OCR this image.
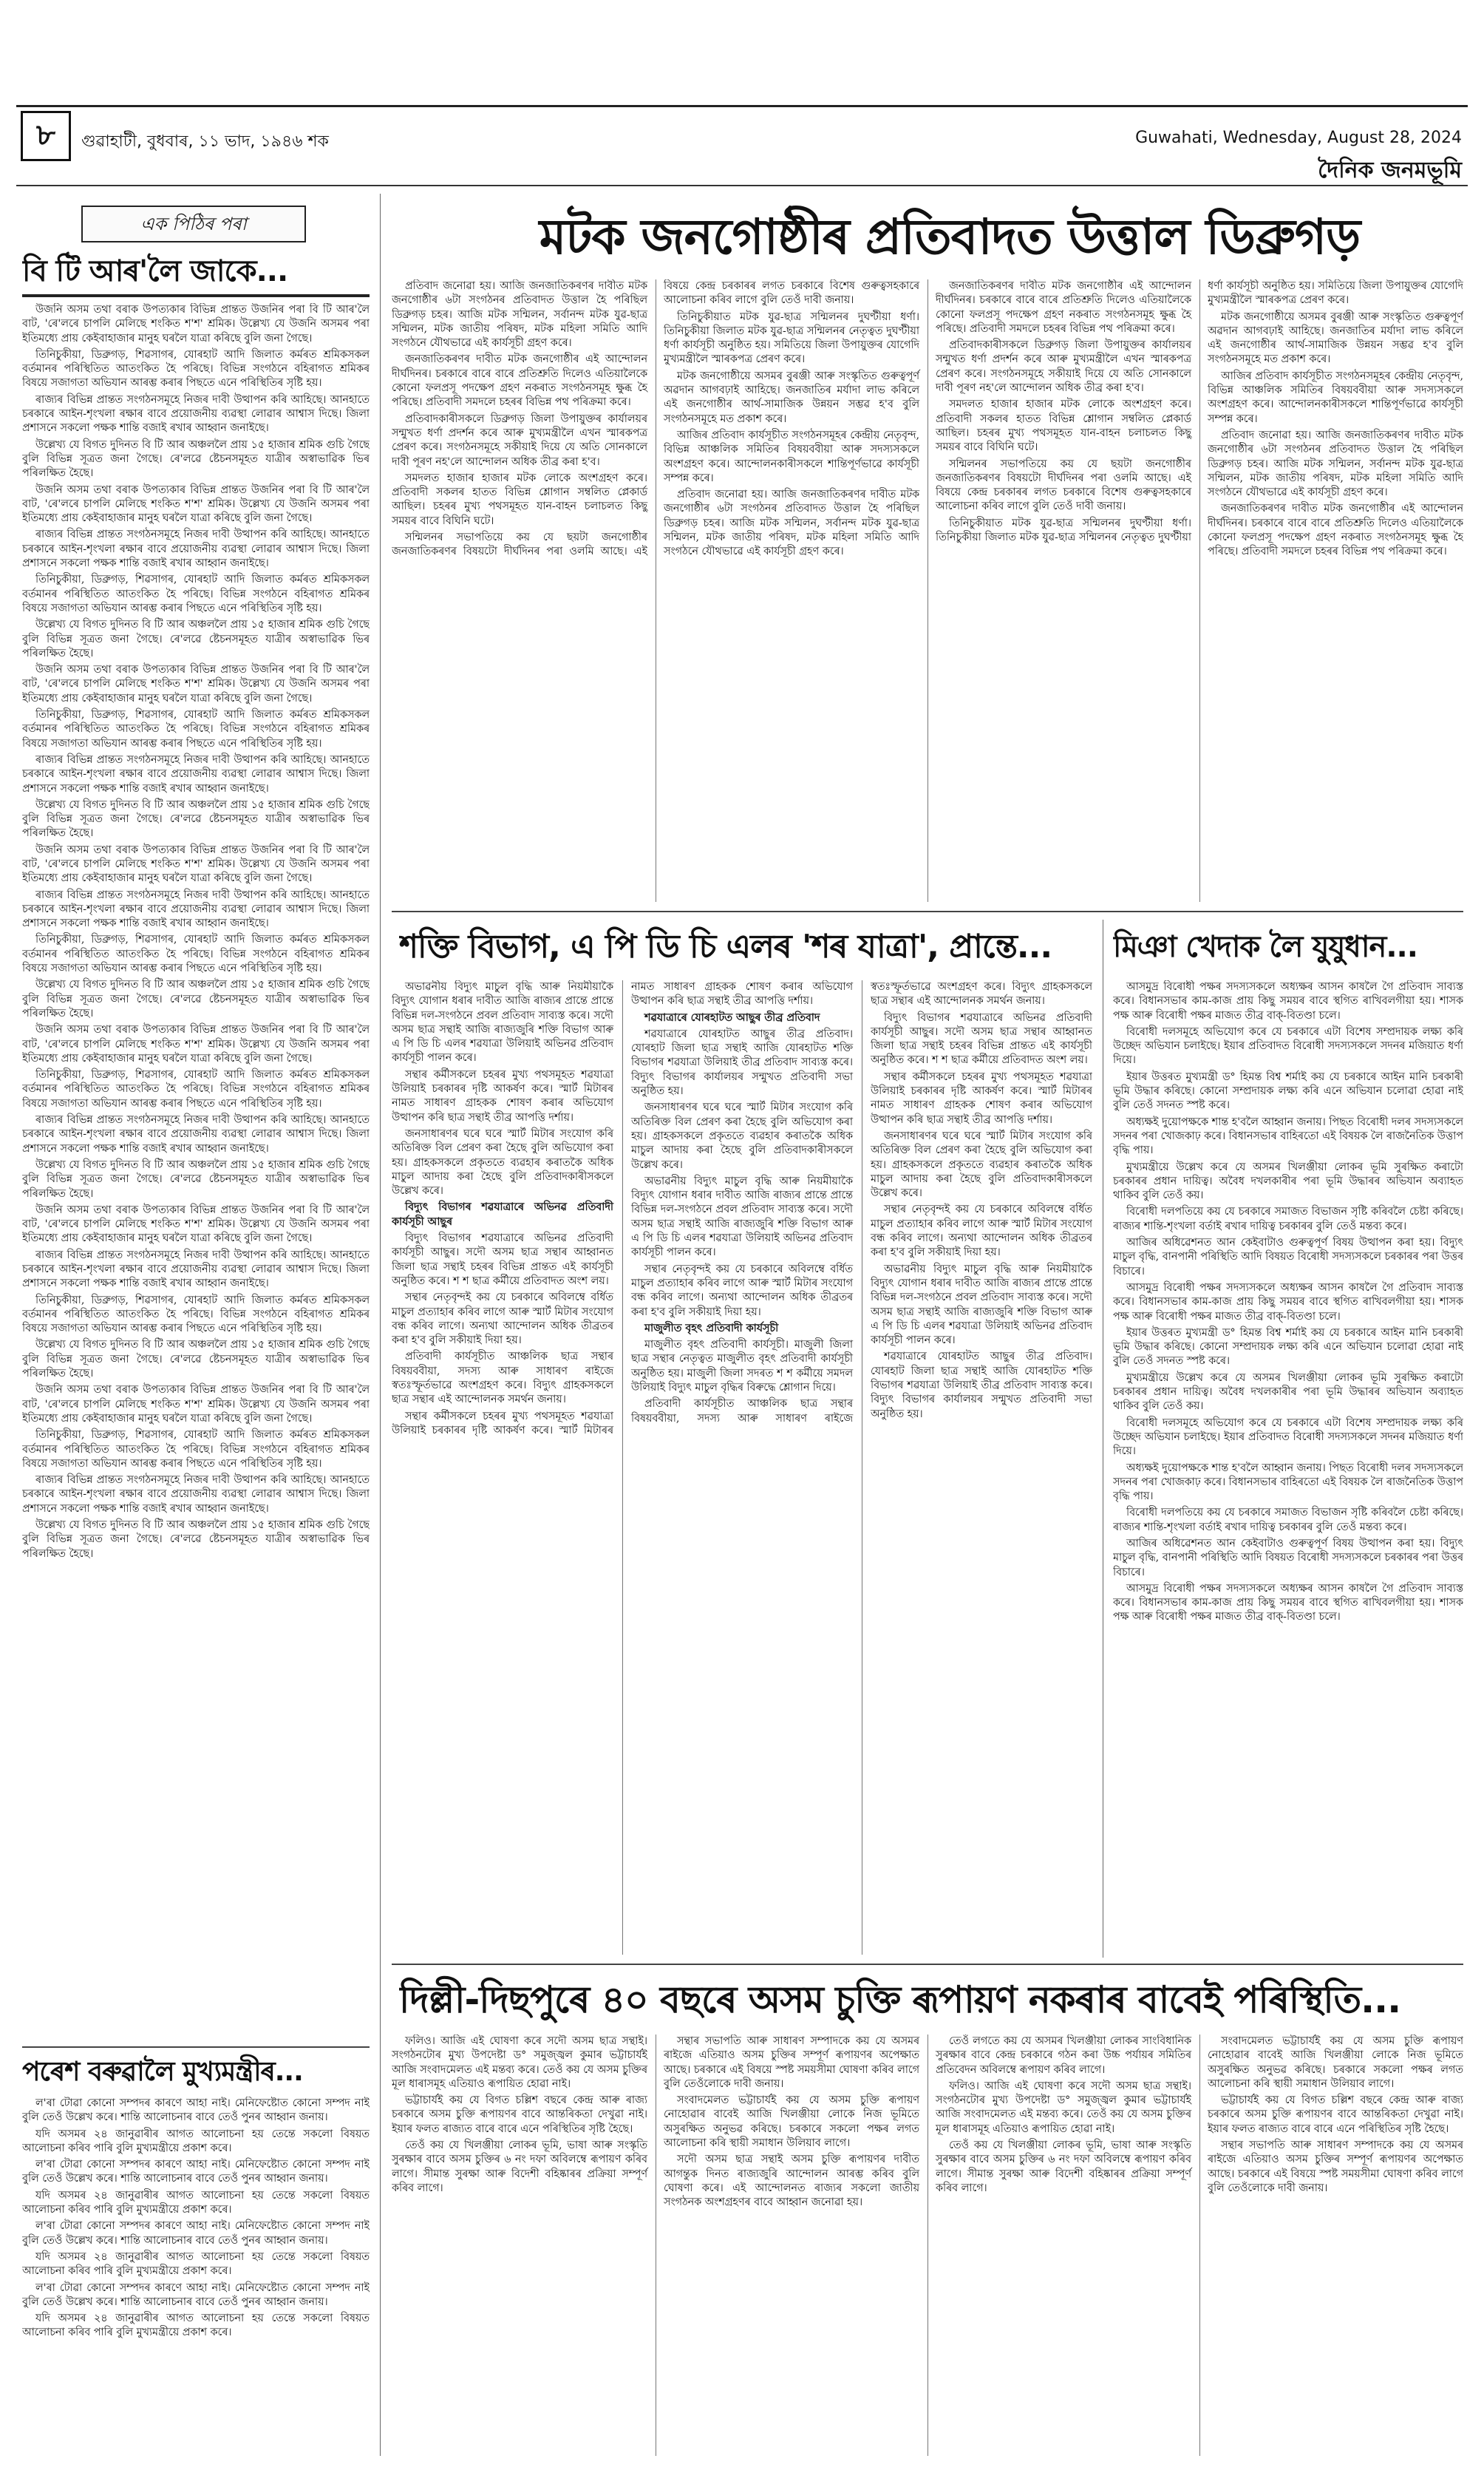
৮	গুৱাহাটী, বুধবাৰ, ১১ ভাদ, ১৯৪৬ শক	Guwahati, Wednesday, August 28, 2024
দৈনিক জনমভূমি
এক পিঠিৰ পৰা
বি টি আৰ'লৈ জাকে...

উজনি অসম তথা বৰাক উপত্যকাৰ বিভিন্ন প্ৰান্তত উজনিৰ পৰা বি টি আৰ'লৈ বাট, 'ৰে'লৰে চাপলি মেলিছে শংকিত শ'শ' শ্ৰমিক। উল্লেখ্য যে উজনি অসমৰ পৰা ইতিমধ্যে প্ৰায় কেইবাহাজাৰ মানুহ ঘৰলৈ যাত্ৰা কৰিছে বুলি জনা গৈছে।

তিনিচুকীয়া, ডিব্ৰুগড়, শিৱসাগৰ, যোৰহাট আদি জিলাত কৰ্মৰত শ্ৰমিকসকল বৰ্তমানৰ পৰিস্থিতিত আতংকিত হৈ পৰিছে। বিভিন্ন সংগঠনে বহিৰাগত শ্ৰমিকৰ বিষয়ে সজাগতা অভিযান আৰম্ভ কৰাৰ পিছতে এনে পৰিস্থিতিৰ সৃষ্টি হয়।

ৰাজ্যৰ বিভিন্ন প্ৰান্তত সংগঠনসমূহে নিজৰ দাবী উত্থাপন কৰি আহিছে। আনহাতে চৰকাৰে আইন-শৃংখলা ৰক্ষাৰ বাবে প্ৰয়োজনীয় ব্যৱস্থা লোৱাৰ আশ্বাস দিছে। জিলা প্ৰশাসনে সকলো পক্ষক শান্তি বজাই ৰখাৰ আহ্বান জনাইছে।

উল্লেখ্য যে বিগত দুদিনত বি টি আৰ অঞ্চললৈ প্ৰায় ১৫ হাজাৰ শ্ৰমিক গুচি গৈছে বুলি বিভিন্ন সূত্ৰত জনা গৈছে। ৰে'লৱে ষ্টেচনসমূহত যাত্ৰীৰ অস্বাভাৱিক ভিৰ পৰিলক্ষিত হৈছে।

উজনি অসম তথা বৰাক উপত্যকাৰ বিভিন্ন প্ৰান্তত উজনিৰ পৰা বি টি আৰ'লৈ বাট, 'ৰে'লৰে চাপলি মেলিছে শংকিত শ'শ' শ্ৰমিক। উল্লেখ্য যে উজনি অসমৰ পৰা ইতিমধ্যে প্ৰায় কেইবাহাজাৰ মানুহ ঘৰলৈ যাত্ৰা কৰিছে বুলি জনা গৈছে।

ৰাজ্যৰ বিভিন্ন প্ৰান্তত সংগঠনসমূহে নিজৰ দাবী উত্থাপন কৰি আহিছে। আনহাতে চৰকাৰে আইন-শৃংখলা ৰক্ষাৰ বাবে প্ৰয়োজনীয় ব্যৱস্থা লোৱাৰ আশ্বাস দিছে। জিলা প্ৰশাসনে সকলো পক্ষক শান্তি বজাই ৰখাৰ আহ্বান জনাইছে।

তিনিচুকীয়া, ডিব্ৰুগড়, শিৱসাগৰ, যোৰহাট আদি জিলাত কৰ্মৰত শ্ৰমিকসকল বৰ্তমানৰ পৰিস্থিতিত আতংকিত হৈ পৰিছে। বিভিন্ন সংগঠনে বহিৰাগত শ্ৰমিকৰ বিষয়ে সজাগতা অভিযান আৰম্ভ কৰাৰ পিছতে এনে পৰিস্থিতিৰ সৃষ্টি হয়।

উল্লেখ্য যে বিগত দুদিনত বি টি আৰ অঞ্চললৈ প্ৰায় ১৫ হাজাৰ শ্ৰমিক গুচি গৈছে বুলি বিভিন্ন সূত্ৰত জনা গৈছে। ৰে'লৱে ষ্টেচনসমূহত যাত্ৰীৰ অস্বাভাৱিক ভিৰ পৰিলক্ষিত হৈছে।

উজনি অসম তথা বৰাক উপত্যকাৰ বিভিন্ন প্ৰান্তত উজনিৰ পৰা বি টি আৰ'লৈ বাট, 'ৰে'লৰে চাপলি মেলিছে শংকিত শ'শ' শ্ৰমিক। উল্লেখ্য যে উজনি অসমৰ পৰা ইতিমধ্যে প্ৰায় কেইবাহাজাৰ মানুহ ঘৰলৈ যাত্ৰা কৰিছে বুলি জনা গৈছে।

তিনিচুকীয়া, ডিব্ৰুগড়, শিৱসাগৰ, যোৰহাট আদি জিলাত কৰ্মৰত শ্ৰমিকসকল বৰ্তমানৰ পৰিস্থিতিত আতংকিত হৈ পৰিছে। বিভিন্ন সংগঠনে বহিৰাগত শ্ৰমিকৰ বিষয়ে সজাগতা অভিযান আৰম্ভ কৰাৰ পিছতে এনে পৰিস্থিতিৰ সৃষ্টি হয়।

ৰাজ্যৰ বিভিন্ন প্ৰান্তত সংগঠনসমূহে নিজৰ দাবী উত্থাপন কৰি আহিছে। আনহাতে চৰকাৰে আইন-শৃংখলা ৰক্ষাৰ বাবে প্ৰয়োজনীয় ব্যৱস্থা লোৱাৰ আশ্বাস দিছে। জিলা প্ৰশাসনে সকলো পক্ষক শান্তি বজাই ৰখাৰ আহ্বান জনাইছে।

উল্লেখ্য যে বিগত দুদিনত বি টি আৰ অঞ্চললৈ প্ৰায় ১৫ হাজাৰ শ্ৰমিক গুচি গৈছে বুলি বিভিন্ন সূত্ৰত জনা গৈছে। ৰে'লৱে ষ্টেচনসমূহত যাত্ৰীৰ অস্বাভাৱিক ভিৰ পৰিলক্ষিত হৈছে।

উজনি অসম তথা বৰাক উপত্যকাৰ বিভিন্ন প্ৰান্তত উজনিৰ পৰা বি টি আৰ'লৈ বাট, 'ৰে'লৰে চাপলি মেলিছে শংকিত শ'শ' শ্ৰমিক। উল্লেখ্য যে উজনি অসমৰ পৰা ইতিমধ্যে প্ৰায় কেইবাহাজাৰ মানুহ ঘৰলৈ যাত্ৰা কৰিছে বুলি জনা গৈছে।

ৰাজ্যৰ বিভিন্ন প্ৰান্তত সংগঠনসমূহে নিজৰ দাবী উত্থাপন কৰি আহিছে। আনহাতে চৰকাৰে আইন-শৃংখলা ৰক্ষাৰ বাবে প্ৰয়োজনীয় ব্যৱস্থা লোৱাৰ আশ্বাস দিছে। জিলা প্ৰশাসনে সকলো পক্ষক শান্তি বজাই ৰখাৰ আহ্বান জনাইছে।

তিনিচুকীয়া, ডিব্ৰুগড়, শিৱসাগৰ, যোৰহাট আদি জিলাত কৰ্মৰত শ্ৰমিকসকল বৰ্তমানৰ পৰিস্থিতিত আতংকিত হৈ পৰিছে। বিভিন্ন সংগঠনে বহিৰাগত শ্ৰমিকৰ বিষয়ে সজাগতা অভিযান আৰম্ভ কৰাৰ পিছতে এনে পৰিস্থিতিৰ সৃষ্টি হয়।

উল্লেখ্য যে বিগত দুদিনত বি টি আৰ অঞ্চললৈ প্ৰায় ১৫ হাজাৰ শ্ৰমিক গুচি গৈছে বুলি বিভিন্ন সূত্ৰত জনা গৈছে। ৰে'লৱে ষ্টেচনসমূহত যাত্ৰীৰ অস্বাভাৱিক ভিৰ পৰিলক্ষিত হৈছে।

উজনি অসম তথা বৰাক উপত্যকাৰ বিভিন্ন প্ৰান্তত উজনিৰ পৰা বি টি আৰ'লৈ বাট, 'ৰে'লৰে চাপলি মেলিছে শংকিত শ'শ' শ্ৰমিক। উল্লেখ্য যে উজনি অসমৰ পৰা ইতিমধ্যে প্ৰায় কেইবাহাজাৰ মানুহ ঘৰলৈ যাত্ৰা কৰিছে বুলি জনা গৈছে।

তিনিচুকীয়া, ডিব্ৰুগড়, শিৱসাগৰ, যোৰহাট আদি জিলাত কৰ্মৰত শ্ৰমিকসকল বৰ্তমানৰ পৰিস্থিতিত আতংকিত হৈ পৰিছে। বিভিন্ন সংগঠনে বহিৰাগত শ্ৰমিকৰ বিষয়ে সজাগতা অভিযান আৰম্ভ কৰাৰ পিছতে এনে পৰিস্থিতিৰ সৃষ্টি হয়।

ৰাজ্যৰ বিভিন্ন প্ৰান্তত সংগঠনসমূহে নিজৰ দাবী উত্থাপন কৰি আহিছে। আনহাতে চৰকাৰে আইন-শৃংখলা ৰক্ষাৰ বাবে প্ৰয়োজনীয় ব্যৱস্থা লোৱাৰ আশ্বাস দিছে। জিলা প্ৰশাসনে সকলো পক্ষক শান্তি বজাই ৰখাৰ আহ্বান জনাইছে।

উল্লেখ্য যে বিগত দুদিনত বি টি আৰ অঞ্চললৈ প্ৰায় ১৫ হাজাৰ শ্ৰমিক গুচি গৈছে বুলি বিভিন্ন সূত্ৰত জনা গৈছে। ৰে'লৱে ষ্টেচনসমূহত যাত্ৰীৰ অস্বাভাৱিক ভিৰ পৰিলক্ষিত হৈছে।

উজনি অসম তথা বৰাক উপত্যকাৰ বিভিন্ন প্ৰান্তত উজনিৰ পৰা বি টি আৰ'লৈ বাট, 'ৰে'লৰে চাপলি মেলিছে শংকিত শ'শ' শ্ৰমিক। উল্লেখ্য যে উজনি অসমৰ পৰা ইতিমধ্যে প্ৰায় কেইবাহাজাৰ মানুহ ঘৰলৈ যাত্ৰা কৰিছে বুলি জনা গৈছে।

ৰাজ্যৰ বিভিন্ন প্ৰান্তত সংগঠনসমূহে নিজৰ দাবী উত্থাপন কৰি আহিছে। আনহাতে চৰকাৰে আইন-শৃংখলা ৰক্ষাৰ বাবে প্ৰয়োজনীয় ব্যৱস্থা লোৱাৰ আশ্বাস দিছে। জিলা প্ৰশাসনে সকলো পক্ষক শান্তি বজাই ৰখাৰ আহ্বান জনাইছে।

তিনিচুকীয়া, ডিব্ৰুগড়, শিৱসাগৰ, যোৰহাট আদি জিলাত কৰ্মৰত শ্ৰমিকসকল বৰ্তমানৰ পৰিস্থিতিত আতংকিত হৈ পৰিছে। বিভিন্ন সংগঠনে বহিৰাগত শ্ৰমিকৰ বিষয়ে সজাগতা অভিযান আৰম্ভ কৰাৰ পিছতে এনে পৰিস্থিতিৰ সৃষ্টি হয়।

উল্লেখ্য যে বিগত দুদিনত বি টি আৰ অঞ্চললৈ প্ৰায় ১৫ হাজাৰ শ্ৰমিক গুচি গৈছে বুলি বিভিন্ন সূত্ৰত জনা গৈছে। ৰে'লৱে ষ্টেচনসমূহত যাত্ৰীৰ অস্বাভাৱিক ভিৰ পৰিলক্ষিত হৈছে।

উজনি অসম তথা বৰাক উপত্যকাৰ বিভিন্ন প্ৰান্তত উজনিৰ পৰা বি টি আৰ'লৈ বাট, 'ৰে'লৰে চাপলি মেলিছে শংকিত শ'শ' শ্ৰমিক। উল্লেখ্য যে উজনি অসমৰ পৰা ইতিমধ্যে প্ৰায় কেইবাহাজাৰ মানুহ ঘৰলৈ যাত্ৰা কৰিছে বুলি জনা গৈছে।

তিনিচুকীয়া, ডিব্ৰুগড়, শিৱসাগৰ, যোৰহাট আদি জিলাত কৰ্মৰত শ্ৰমিকসকল বৰ্তমানৰ পৰিস্থিতিত আতংকিত হৈ পৰিছে। বিভিন্ন সংগঠনে বহিৰাগত শ্ৰমিকৰ বিষয়ে সজাগতা অভিযান আৰম্ভ কৰাৰ পিছতে এনে পৰিস্থিতিৰ সৃষ্টি হয়।

ৰাজ্যৰ বিভিন্ন প্ৰান্তত সংগঠনসমূহে নিজৰ দাবী উত্থাপন কৰি আহিছে। আনহাতে চৰকাৰে আইন-শৃংখলা ৰক্ষাৰ বাবে প্ৰয়োজনীয় ব্যৱস্থা লোৱাৰ আশ্বাস দিছে। জিলা প্ৰশাসনে সকলো পক্ষক শান্তি বজাই ৰখাৰ আহ্বান জনাইছে।

উল্লেখ্য যে বিগত দুদিনত বি টি আৰ অঞ্চললৈ প্ৰায় ১৫ হাজাৰ শ্ৰমিক গুচি গৈছে বুলি বিভিন্ন সূত্ৰত জনা গৈছে। ৰে'লৱে ষ্টেচনসমূহত যাত্ৰীৰ অস্বাভাৱিক ভিৰ পৰিলক্ষিত হৈছে।

পৰেশ বৰুৱালৈ মুখ্যমন্ত্ৰীৰ...

ল'ৰা টোৱা কোনো সম্পদৰ কাৰণে আহা নাই। মেনিফেষ্টোত কোনো সম্পদ নাই বুলি তেওঁ উল্লেখ কৰে। শান্তি আলোচনাৰ বাবে তেওঁ পুনৰ আহ্বান জনায়।

যদি অসমৰ ২৪ জানুৱাৰীৰ আগত আলোচনা হয় তেন্তে সকলো বিষয়ত আলোচনা কৰিব পাৰি বুলি মুখ্যমন্ত্ৰীয়ে প্ৰকাশ কৰে।

ল'ৰা টোৱা কোনো সম্পদৰ কাৰণে আহা নাই। মেনিফেষ্টোত কোনো সম্পদ নাই বুলি তেওঁ উল্লেখ কৰে। শান্তি আলোচনাৰ বাবে তেওঁ পুনৰ আহ্বান জনায়।

যদি অসমৰ ২৪ জানুৱাৰীৰ আগত আলোচনা হয় তেন্তে সকলো বিষয়ত আলোচনা কৰিব পাৰি বুলি মুখ্যমন্ত্ৰীয়ে প্ৰকাশ কৰে।

ল'ৰা টোৱা কোনো সম্পদৰ কাৰণে আহা নাই। মেনিফেষ্টোত কোনো সম্পদ নাই বুলি তেওঁ উল্লেখ কৰে। শান্তি আলোচনাৰ বাবে তেওঁ পুনৰ আহ্বান জনায়।

যদি অসমৰ ২৪ জানুৱাৰীৰ আগত আলোচনা হয় তেন্তে সকলো বিষয়ত আলোচনা কৰিব পাৰি বুলি মুখ্যমন্ত্ৰীয়ে প্ৰকাশ কৰে।

ল'ৰা টোৱা কোনো সম্পদৰ কাৰণে আহা নাই। মেনিফেষ্টোত কোনো সম্পদ নাই বুলি তেওঁ উল্লেখ কৰে। শান্তি আলোচনাৰ বাবে তেওঁ পুনৰ আহ্বান জনায়।

যদি অসমৰ ২৪ জানুৱাৰীৰ আগত আলোচনা হয় তেন্তে সকলো বিষয়ত আলোচনা কৰিব পাৰি বুলি মুখ্যমন্ত্ৰীয়ে প্ৰকাশ কৰে।

মটক জনগোষ্ঠীৰ প্ৰতিবাদত উত্তাল ডিব্ৰুগড়

প্ৰতিবাদ জনোৱা হয়। আজি জনজাতিকৰণৰ দাবীত মটক জনগোষ্ঠীৰ ৬টা সংগঠনৰ প্ৰতিবাদত উত্তাল হৈ পৰিছিল ডিব্ৰুগড় চহৰ। আজি মটক সন্মিলন, সৰ্বানন্দ মটক যুৱ-ছাত্ৰ সন্মিলন, মটক জাতীয় পৰিষদ, মটক মহিলা সমিতি আদি সংগঠনে যৌথভাৱে এই কাৰ্যসূচী গ্ৰহণ কৰে।

জনজাতিকৰণৰ দাবীত মটক জনগোষ্ঠীৰ এই আন্দোলন দীৰ্ঘদিনৰ। চৰকাৰে বাৰে বাৰে প্ৰতিশ্ৰুতি দিলেও এতিয়ালৈকে কোনো ফলপ্ৰসূ পদক্ষেপ গ্ৰহণ নকৰাত সংগঠনসমূহ ক্ষুব্ধ হৈ পৰিছে। প্ৰতিবাদী সমদলে চহৰৰ বিভিন্ন পথ পৰিক্ৰমা কৰে।

প্ৰতিবাদকাৰীসকলে ডিব্ৰুগড় জিলা উপায়ুক্তৰ কাৰ্যালয়ৰ সন্মুখত ধৰ্ণা প্ৰদৰ্শন কৰে আৰু মুখ্যমন্ত্ৰীলৈ এখন স্মাৰকপত্ৰ প্ৰেৰণ কৰে। সংগঠনসমূহে সকীয়াই দিয়ে যে অতি সোনকালে দাবী পূৰণ নহ'লে আন্দোলন অধিক তীব্ৰ কৰা হ'ব।

সমদলত হাজাৰ হাজাৰ মটক লোকে অংশগ্ৰহণ কৰে। প্ৰতিবাদী সকলৰ হাতত বিভিন্ন শ্লোগান সম্বলিত প্লেকাৰ্ড আছিল। চহৰৰ মুখ্য পথসমূহত যান-বাহন চলাচলত কিছু সময়ৰ বাবে বিঘিনি ঘটে।

সন্মিলনৰ সভাপতিয়ে কয় যে ছয়টা জনগোষ্ঠীৰ জনজাতিকৰণৰ বিষয়টো দীৰ্ঘদিনৰ পৰা ওলমি আছে। এই বিষয়ে কেন্দ্ৰ চৰকাৰৰ লগত চৰকাৰে বিশেষ গুৰুত্বসহকাৰে আলোচনা কৰিব লাগে বুলি তেওঁ দাবী জনায়।

তিনিচুকীয়াত মটক যুৱ-ছাত্ৰ সন্মিলনৰ দুঘণ্টীয়া ধৰ্ণা। তিনিচুকীয়া জিলাত মটক যুৱ-ছাত্ৰ সন্মিলনৰ নেতৃত্বত দুঘণ্টীয়া ধৰ্ণা কাৰ্যসূচী অনুষ্ঠিত হয়। সমিতিয়ে জিলা উপায়ুক্তৰ যোগেদি মুখ্যমন্ত্ৰীলৈ স্মাৰকপত্ৰ প্ৰেৰণ কৰে।

মটক জনগোষ্ঠীয়ে অসমৰ বুৰঞ্জী আৰু সংস্কৃতিত গুৰুত্বপূৰ্ণ অৱদান আগবঢ়াই আহিছে। জনজাতিৰ মৰ্যাদা লাভ কৰিলে এই জনগোষ্ঠীৰ আৰ্থ-সামাজিক উন্নয়ন সম্ভৱ হ'ব বুলি সংগঠনসমূহে মত প্ৰকাশ কৰে।

আজিৰ প্ৰতিবাদ কাৰ্যসূচীত সংগঠনসমূহৰ কেন্দ্ৰীয় নেতৃবৃন্দ, বিভিন্ন আঞ্চলিক সমিতিৰ বিষয়ববীয়া আৰু সদস্যসকলে অংশগ্ৰহণ কৰে। আন্দোলনকাৰীসকলে শান্তিপূৰ্ণভাৱে কাৰ্যসূচী সম্পন্ন কৰে।

প্ৰতিবাদ জনোৱা হয়। আজি জনজাতিকৰণৰ দাবীত মটক জনগোষ্ঠীৰ ৬টা সংগঠনৰ প্ৰতিবাদত উত্তাল হৈ পৰিছিল ডিব্ৰুগড় চহৰ। আজি মটক সন্মিলন, সৰ্বানন্দ মটক যুৱ-ছাত্ৰ সন্মিলন, মটক জাতীয় পৰিষদ, মটক মহিলা সমিতি আদি সংগঠনে যৌথভাৱে এই কাৰ্যসূচী গ্ৰহণ কৰে।

জনজাতিকৰণৰ দাবীত মটক জনগোষ্ঠীৰ এই আন্দোলন দীৰ্ঘদিনৰ। চৰকাৰে বাৰে বাৰে প্ৰতিশ্ৰুতি দিলেও এতিয়ালৈকে কোনো ফলপ্ৰসূ পদক্ষেপ গ্ৰহণ নকৰাত সংগঠনসমূহ ক্ষুব্ধ হৈ পৰিছে। প্ৰতিবাদী সমদলে চহৰৰ বিভিন্ন পথ পৰিক্ৰমা কৰে।

প্ৰতিবাদকাৰীসকলে ডিব্ৰুগড় জিলা উপায়ুক্তৰ কাৰ্যালয়ৰ সন্মুখত ধৰ্ণা প্ৰদৰ্শন কৰে আৰু মুখ্যমন্ত্ৰীলৈ এখন স্মাৰকপত্ৰ প্ৰেৰণ কৰে। সংগঠনসমূহে সকীয়াই দিয়ে যে অতি সোনকালে দাবী পূৰণ নহ'লে আন্দোলন অধিক তীব্ৰ কৰা হ'ব।

সমদলত হাজাৰ হাজাৰ মটক লোকে অংশগ্ৰহণ কৰে। প্ৰতিবাদী সকলৰ হাতত বিভিন্ন শ্লোগান সম্বলিত প্লেকাৰ্ড আছিল। চহৰৰ মুখ্য পথসমূহত যান-বাহন চলাচলত কিছু সময়ৰ বাবে বিঘিনি ঘটে।

সন্মিলনৰ সভাপতিয়ে কয় যে ছয়টা জনগোষ্ঠীৰ জনজাতিকৰণৰ বিষয়টো দীৰ্ঘদিনৰ পৰা ওলমি আছে। এই বিষয়ে কেন্দ্ৰ চৰকাৰৰ লগত চৰকাৰে বিশেষ গুৰুত্বসহকাৰে আলোচনা কৰিব লাগে বুলি তেওঁ দাবী জনায়।

তিনিচুকীয়াত মটক যুৱ-ছাত্ৰ সন্মিলনৰ দুঘণ্টীয়া ধৰ্ণা। তিনিচুকীয়া জিলাত মটক যুৱ-ছাত্ৰ সন্মিলনৰ নেতৃত্বত দুঘণ্টীয়া ধৰ্ণা কাৰ্যসূচী অনুষ্ঠিত হয়। সমিতিয়ে জিলা উপায়ুক্তৰ যোগেদি মুখ্যমন্ত্ৰীলৈ স্মাৰকপত্ৰ প্ৰেৰণ কৰে।

মটক জনগোষ্ঠীয়ে অসমৰ বুৰঞ্জী আৰু সংস্কৃতিত গুৰুত্বপূৰ্ণ অৱদান আগবঢ়াই আহিছে। জনজাতিৰ মৰ্যাদা লাভ কৰিলে এই জনগোষ্ঠীৰ আৰ্থ-সামাজিক উন্নয়ন সম্ভৱ হ'ব বুলি সংগঠনসমূহে মত প্ৰকাশ কৰে।

আজিৰ প্ৰতিবাদ কাৰ্যসূচীত সংগঠনসমূহৰ কেন্দ্ৰীয় নেতৃবৃন্দ, বিভিন্ন আঞ্চলিক সমিতিৰ বিষয়ববীয়া আৰু সদস্যসকলে অংশগ্ৰহণ কৰে। আন্দোলনকাৰীসকলে শান্তিপূৰ্ণভাৱে কাৰ্যসূচী সম্পন্ন কৰে।

প্ৰতিবাদ জনোৱা হয়। আজি জনজাতিকৰণৰ দাবীত মটক জনগোষ্ঠীৰ ৬টা সংগঠনৰ প্ৰতিবাদত উত্তাল হৈ পৰিছিল ডিব্ৰুগড় চহৰ। আজি মটক সন্মিলন, সৰ্বানন্দ মটক যুৱ-ছাত্ৰ সন্মিলন, মটক জাতীয় পৰিষদ, মটক মহিলা সমিতি আদি সংগঠনে যৌথভাৱে এই কাৰ্যসূচী গ্ৰহণ কৰে।

জনজাতিকৰণৰ দাবীত মটক জনগোষ্ঠীৰ এই আন্দোলন দীৰ্ঘদিনৰ। চৰকাৰে বাৰে বাৰে প্ৰতিশ্ৰুতি দিলেও এতিয়ালৈকে কোনো ফলপ্ৰসূ পদক্ষেপ গ্ৰহণ নকৰাত সংগঠনসমূহ ক্ষুব্ধ হৈ পৰিছে। প্ৰতিবাদী সমদলে চহৰৰ বিভিন্ন পথ পৰিক্ৰমা কৰে।

শক্তি বিভাগ, এ পি ডি চি এলৰ 'শৰ যাত্ৰা', প্ৰান্তে...

অভাৱনীয় বিদ্যুৎ মাচুল বৃদ্ধি আৰু নিয়মীয়াকৈ বিদ্যুৎ যোগান ধৰাৰ দাবীত আজি ৰাজ্যৰ প্ৰান্তে প্ৰান্তে বিভিন্ন দল-সংগঠনে প্ৰবল প্ৰতিবাদ সাব্যস্ত কৰে। সদৌ অসম ছাত্ৰ সন্থাই আজি ৰাজ্যজুৰি শক্তি বিভাগ আৰু এ পি ডি চি এলৰ শৱযাত্ৰা উলিয়াই অভিনৱ প্ৰতিবাদ কাৰ্যসূচী পালন কৰে।

সন্থাৰ কৰ্মীসকলে চহৰৰ মুখ্য পথসমূহত শৱযাত্ৰা উলিয়াই চৰকাৰৰ দৃষ্টি আকৰ্ষণ কৰে। স্মাৰ্ট মিটাৰৰ নামত সাধাৰণ গ্ৰাহকক শোষণ কৰাৰ অভিযোগ উত্থাপন কৰি ছাত্ৰ সন্থাই তীব্ৰ আপত্তি দৰ্শায়।

জনসাধাৰণৰ ঘৰে ঘৰে স্মাৰ্ট মিটাৰ সংযোগ কৰি অতিৰিক্ত বিল প্ৰেৰণ কৰা হৈছে বুলি অভিযোগ কৰা হয়। গ্ৰাহকসকলে প্ৰকৃততে ব্যৱহাৰ কৰাতকৈ অধিক মাচুল আদায় কৰা হৈছে বুলি প্ৰতিবাদকাৰীসকলে উল্লেখ কৰে।

বিদ্যুৎ বিভাগৰ শৱযাত্ৰাৰে অভিনৱ প্ৰতিবাদী কাৰ্যসূচী আছুৰ

বিদ্যুৎ বিভাগৰ শৱযাত্ৰাৰে অভিনৱ প্ৰতিবাদী কাৰ্যসূচী আছুৰ। সদৌ অসম ছাত্ৰ সন্থাৰ আহ্বানত জিলা ছাত্ৰ সন্থাই চহৰৰ বিভিন্ন প্ৰান্তত এই কাৰ্যসূচী অনুষ্ঠিত কৰে। শ শ ছাত্ৰ কৰ্মীয়ে প্ৰতিবাদত অংশ লয়।

সন্থাৰ নেতৃবৃন্দই কয় যে চৰকাৰে অবিলম্বে বৰ্ধিত মাচুল প্ৰত্যাহাৰ কৰিব লাগে আৰু স্মাৰ্ট মিটাৰ সংযোগ বন্ধ কৰিব লাগে। অন্যথা আন্দোলন অধিক তীব্ৰতৰ কৰা হ'ব বুলি সকীয়াই দিয়া হয়।

প্ৰতিবাদী কাৰ্যসূচীত আঞ্চলিক ছাত্ৰ সন্থাৰ বিষয়ববীয়া, সদস্য আৰু সাধাৰণ ৰাইজে স্বতঃস্ফূৰ্তভাৱে অংশগ্ৰহণ কৰে। বিদ্যুৎ গ্ৰাহকসকলে ছাত্ৰ সন্থাৰ এই আন্দোলনক সমৰ্থন জনায়।

সন্থাৰ কৰ্মীসকলে চহৰৰ মুখ্য পথসমূহত শৱযাত্ৰা উলিয়াই চৰকাৰৰ দৃষ্টি আকৰ্ষণ কৰে। স্মাৰ্ট মিটাৰৰ নামত সাধাৰণ গ্ৰাহকক শোষণ কৰাৰ অভিযোগ উত্থাপন কৰি ছাত্ৰ সন্থাই তীব্ৰ আপত্তি দৰ্শায়।

শৱযাত্ৰাৰে যোৰহাটত আছুৰ তীব্ৰ প্ৰতিবাদ

শৱযাত্ৰাৰে যোৰহাটত আছুৰ তীব্ৰ প্ৰতিবাদ। যোৰহাট জিলা ছাত্ৰ সন্থাই আজি যোৰহাটত শক্তি বিভাগৰ শৱযাত্ৰা উলিয়াই তীব্ৰ প্ৰতিবাদ সাব্যস্ত কৰে। বিদ্যুৎ বিভাগৰ কাৰ্যালয়ৰ সন্মুখত প্ৰতিবাদী সভা অনুষ্ঠিত হয়।

জনসাধাৰণৰ ঘৰে ঘৰে স্মাৰ্ট মিটাৰ সংযোগ কৰি অতিৰিক্ত বিল প্ৰেৰণ কৰা হৈছে বুলি অভিযোগ কৰা হয়। গ্ৰাহকসকলে প্ৰকৃততে ব্যৱহাৰ কৰাতকৈ অধিক মাচুল আদায় কৰা হৈছে বুলি প্ৰতিবাদকাৰীসকলে উল্লেখ কৰে।

অভাৱনীয় বিদ্যুৎ মাচুল বৃদ্ধি আৰু নিয়মীয়াকৈ বিদ্যুৎ যোগান ধৰাৰ দাবীত আজি ৰাজ্যৰ প্ৰান্তে প্ৰান্তে বিভিন্ন দল-সংগঠনে প্ৰবল প্ৰতিবাদ সাব্যস্ত কৰে। সদৌ অসম ছাত্ৰ সন্থাই আজি ৰাজ্যজুৰি শক্তি বিভাগ আৰু এ পি ডি চি এলৰ শৱযাত্ৰা উলিয়াই অভিনৱ প্ৰতিবাদ কাৰ্যসূচী পালন কৰে।

সন্থাৰ নেতৃবৃন্দই কয় যে চৰকাৰে অবিলম্বে বৰ্ধিত মাচুল প্ৰত্যাহাৰ কৰিব লাগে আৰু স্মাৰ্ট মিটাৰ সংযোগ বন্ধ কৰিব লাগে। অন্যথা আন্দোলন অধিক তীব্ৰতৰ কৰা হ'ব বুলি সকীয়াই দিয়া হয়।

মাজুলীত বৃহৎ প্ৰতিবাদী কাৰ্যসূচী

মাজুলীত বৃহৎ প্ৰতিবাদী কাৰ্যসূচী। মাজুলী জিলা ছাত্ৰ সন্থাৰ নেতৃত্বত মাজুলীত বৃহৎ প্ৰতিবাদী কাৰ্যসূচী অনুষ্ঠিত হয়। মাজুলী জিলা সদৰত শ শ কৰ্মীয়ে সমদল উলিয়াই বিদ্যুৎ মাচুল বৃদ্ধিৰ বিৰুদ্ধে শ্লোগান দিয়ে।

প্ৰতিবাদী কাৰ্যসূচীত আঞ্চলিক ছাত্ৰ সন্থাৰ বিষয়ববীয়া, সদস্য আৰু সাধাৰণ ৰাইজে স্বতঃস্ফূৰ্তভাৱে অংশগ্ৰহণ কৰে। বিদ্যুৎ গ্ৰাহকসকলে ছাত্ৰ সন্থাৰ এই আন্দোলনক সমৰ্থন জনায়।

বিদ্যুৎ বিভাগৰ শৱযাত্ৰাৰে অভিনৱ প্ৰতিবাদী কাৰ্যসূচী আছুৰ। সদৌ অসম ছাত্ৰ সন্থাৰ আহ্বানত জিলা ছাত্ৰ সন্থাই চহৰৰ বিভিন্ন প্ৰান্তত এই কাৰ্যসূচী অনুষ্ঠিত কৰে। শ শ ছাত্ৰ কৰ্মীয়ে প্ৰতিবাদত অংশ লয়।

সন্থাৰ কৰ্মীসকলে চহৰৰ মুখ্য পথসমূহত শৱযাত্ৰা উলিয়াই চৰকাৰৰ দৃষ্টি আকৰ্ষণ কৰে। স্মাৰ্ট মিটাৰৰ নামত সাধাৰণ গ্ৰাহকক শোষণ কৰাৰ অভিযোগ উত্থাপন কৰি ছাত্ৰ সন্থাই তীব্ৰ আপত্তি দৰ্শায়।

জনসাধাৰণৰ ঘৰে ঘৰে স্মাৰ্ট মিটাৰ সংযোগ কৰি অতিৰিক্ত বিল প্ৰেৰণ কৰা হৈছে বুলি অভিযোগ কৰা হয়। গ্ৰাহকসকলে প্ৰকৃততে ব্যৱহাৰ কৰাতকৈ অধিক মাচুল আদায় কৰা হৈছে বুলি প্ৰতিবাদকাৰীসকলে উল্লেখ কৰে।

সন্থাৰ নেতৃবৃন্দই কয় যে চৰকাৰে অবিলম্বে বৰ্ধিত মাচুল প্ৰত্যাহাৰ কৰিব লাগে আৰু স্মাৰ্ট মিটাৰ সংযোগ বন্ধ কৰিব লাগে। অন্যথা আন্দোলন অধিক তীব্ৰতৰ কৰা হ'ব বুলি সকীয়াই দিয়া হয়।

অভাৱনীয় বিদ্যুৎ মাচুল বৃদ্ধি আৰু নিয়মীয়াকৈ বিদ্যুৎ যোগান ধৰাৰ দাবীত আজি ৰাজ্যৰ প্ৰান্তে প্ৰান্তে বিভিন্ন দল-সংগঠনে প্ৰবল প্ৰতিবাদ সাব্যস্ত কৰে। সদৌ অসম ছাত্ৰ সন্থাই আজি ৰাজ্যজুৰি শক্তি বিভাগ আৰু এ পি ডি চি এলৰ শৱযাত্ৰা উলিয়াই অভিনৱ প্ৰতিবাদ কাৰ্যসূচী পালন কৰে।

শৱযাত্ৰাৰে যোৰহাটত আছুৰ তীব্ৰ প্ৰতিবাদ। যোৰহাট জিলা ছাত্ৰ সন্থাই আজি যোৰহাটত শক্তি বিভাগৰ শৱযাত্ৰা উলিয়াই তীব্ৰ প্ৰতিবাদ সাব্যস্ত কৰে। বিদ্যুৎ বিভাগৰ কাৰ্যালয়ৰ সন্মুখত প্ৰতিবাদী সভা অনুষ্ঠিত হয়।

মিঞা খেদাক লৈ যুযুধান...

আসমুদ্ৰ বিৰোধী পক্ষৰ সদস্যসকলে অধ্যক্ষৰ আসন কাষলৈ গৈ প্ৰতিবাদ সাব্যস্ত কৰে। বিধানসভাৰ কাম-কাজ প্ৰায় কিছু সময়ৰ বাবে স্থগিত ৰাখিবলগীয়া হয়। শাসক পক্ষ আৰু বিৰোধী পক্ষৰ মাজত তীব্ৰ বাক্-বিতণ্ডা চলে।

বিৰোধী দলসমূহে অভিযোগ কৰে যে চৰকাৰে এটা বিশেষ সম্প্ৰদায়ক লক্ষ্য কৰি উচ্ছেদ অভিযান চলাইছে। ইয়াৰ প্ৰতিবাদত বিৰোধী সদস্যসকলে সদনৰ মজিয়াত ধৰ্ণা দিয়ে।

ইয়াৰ উত্তৰত মুখ্যমন্ত্ৰী ড° হিমন্ত বিশ্ব শৰ্মাই কয় যে চৰকাৰে আইন মানি চৰকাৰী ভূমি উদ্ধাৰ কৰিছে। কোনো সম্প্ৰদায়ক লক্ষ্য কৰি এনে অভিযান চলোৱা হোৱা নাই বুলি তেওঁ সদনত স্পষ্ট কৰে।

অধ্যক্ষই দুয়োপক্ষকে শান্ত হ'বলৈ আহ্বান জনায়। পিছত বিৰোধী দলৰ সদস্যসকলে সদনৰ পৰা খোজকাঢ় কৰে। বিধানসভাৰ বাহিৰতো এই বিষয়ক লৈ ৰাজনৈতিক উত্তাপ বৃদ্ধি পায়।

মুখ্যমন্ত্ৰীয়ে উল্লেখ কৰে যে অসমৰ খিলঞ্জীয়া লোকৰ ভূমি সুৰক্ষিত কৰাটো চৰকাৰৰ প্ৰধান দায়িত্ব। অবৈধ দখলকাৰীৰ পৰা ভূমি উদ্ধাৰৰ অভিযান অব্যাহত থাকিব বুলি তেওঁ কয়।

বিৰোধী দলপতিয়ে কয় যে চৰকাৰে সমাজত বিভাজন সৃষ্টি কৰিবলৈ চেষ্টা কৰিছে। ৰাজ্যৰ শান্তি-শৃংখলা বৰ্তাই ৰখাৰ দায়িত্ব চৰকাৰৰ বুলি তেওঁ মন্তব্য কৰে।

আজিৰ অধিৱেশনত আন কেইবাটাও গুৰুত্বপূৰ্ণ বিষয় উত্থাপন কৰা হয়। বিদ্যুৎ মাচুল বৃদ্ধি, বানপানী পৰিস্থিতি আদি বিষয়ত বিৰোধী সদস্যসকলে চৰকাৰৰ পৰা উত্তৰ বিচাৰে।

আসমুদ্ৰ বিৰোধী পক্ষৰ সদস্যসকলে অধ্যক্ষৰ আসন কাষলৈ গৈ প্ৰতিবাদ সাব্যস্ত কৰে। বিধানসভাৰ কাম-কাজ প্ৰায় কিছু সময়ৰ বাবে স্থগিত ৰাখিবলগীয়া হয়। শাসক পক্ষ আৰু বিৰোধী পক্ষৰ মাজত তীব্ৰ বাক্-বিতণ্ডা চলে।

ইয়াৰ উত্তৰত মুখ্যমন্ত্ৰী ড° হিমন্ত বিশ্ব শৰ্মাই কয় যে চৰকাৰে আইন মানি চৰকাৰী ভূমি উদ্ধাৰ কৰিছে। কোনো সম্প্ৰদায়ক লক্ষ্য কৰি এনে অভিযান চলোৱা হোৱা নাই বুলি তেওঁ সদনত স্পষ্ট কৰে।

মুখ্যমন্ত্ৰীয়ে উল্লেখ কৰে যে অসমৰ খিলঞ্জীয়া লোকৰ ভূমি সুৰক্ষিত কৰাটো চৰকাৰৰ প্ৰধান দায়িত্ব। অবৈধ দখলকাৰীৰ পৰা ভূমি উদ্ধাৰৰ অভিযান অব্যাহত থাকিব বুলি তেওঁ কয়।

বিৰোধী দলসমূহে অভিযোগ কৰে যে চৰকাৰে এটা বিশেষ সম্প্ৰদায়ক লক্ষ্য কৰি উচ্ছেদ অভিযান চলাইছে। ইয়াৰ প্ৰতিবাদত বিৰোধী সদস্যসকলে সদনৰ মজিয়াত ধৰ্ণা দিয়ে।

অধ্যক্ষই দুয়োপক্ষকে শান্ত হ'বলৈ আহ্বান জনায়। পিছত বিৰোধী দলৰ সদস্যসকলে সদনৰ পৰা খোজকাঢ় কৰে। বিধানসভাৰ বাহিৰতো এই বিষয়ক লৈ ৰাজনৈতিক উত্তাপ বৃদ্ধি পায়।

বিৰোধী দলপতিয়ে কয় যে চৰকাৰে সমাজত বিভাজন সৃষ্টি কৰিবলৈ চেষ্টা কৰিছে। ৰাজ্যৰ শান্তি-শৃংখলা বৰ্তাই ৰখাৰ দায়িত্ব চৰকাৰৰ বুলি তেওঁ মন্তব্য কৰে।

আজিৰ অধিৱেশনত আন কেইবাটাও গুৰুত্বপূৰ্ণ বিষয় উত্থাপন কৰা হয়। বিদ্যুৎ মাচুল বৃদ্ধি, বানপানী পৰিস্থিতি আদি বিষয়ত বিৰোধী সদস্যসকলে চৰকাৰৰ পৰা উত্তৰ বিচাৰে।

আসমুদ্ৰ বিৰোধী পক্ষৰ সদস্যসকলে অধ্যক্ষৰ আসন কাষলৈ গৈ প্ৰতিবাদ সাব্যস্ত কৰে। বিধানসভাৰ কাম-কাজ প্ৰায় কিছু সময়ৰ বাবে স্থগিত ৰাখিবলগীয়া হয়। শাসক পক্ষ আৰু বিৰোধী পক্ষৰ মাজত তীব্ৰ বাক্-বিতণ্ডা চলে।

দিল্লী-দিছপুৰে ৪০ বছৰে অসম চুক্তি ৰূপায়ণ নকৰাৰ বাবেই পৰিস্থিতি...

ফলিও। আজি এই ঘোষণা কৰে সদৌ অসম ছাত্ৰ সন্থাই। সংগঠনটোৰ মুখ্য উপদেষ্টা ড° সমুজ্জ্বল কুমাৰ ভট্টাচাৰ্যই আজি সংবাদমেলত এই মন্তব্য কৰে। তেওঁ কয় যে অসম চুক্তিৰ মূল ধাৰাসমূহ এতিয়াও ৰূপায়িত হোৱা নাই।

ভট্টাচাৰ্যই কয় যে বিগত চল্লিশ বছৰে কেন্দ্ৰ আৰু ৰাজ্য চৰকাৰে অসম চুক্তি ৰূপায়ণৰ বাবে আন্তৰিকতা দেখুৱা নাই। ইয়াৰ ফলত ৰাজ্যত বাৰে বাৰে এনে পৰিস্থিতিৰ সৃষ্টি হৈছে।

তেওঁ কয় যে খিলঞ্জীয়া লোকৰ ভূমি, ভাষা আৰু সংস্কৃতি সুৰক্ষাৰ বাবে অসম চুক্তিৰ ৬ নং দফা অবিলম্বে ৰূপায়ণ কৰিব লাগে। সীমান্ত সুৰক্ষা আৰু বিদেশী বহিষ্কাৰৰ প্ৰক্ৰিয়া সম্পূৰ্ণ কৰিব লাগে।

সন্থাৰ সভাপতি আৰু সাধাৰণ সম্পাদকে কয় যে অসমৰ ৰাইজে এতিয়াও অসম চুক্তিৰ সম্পূৰ্ণ ৰূপায়ণৰ অপেক্ষাত আছে। চৰকাৰে এই বিষয়ে স্পষ্ট সময়সীমা ঘোষণা কৰিব লাগে বুলি তেওঁলোকে দাবী জনায়।

সংবাদমেলত ভট্টাচাৰ্যই কয় যে অসম চুক্তি ৰূপায়ণ নোহোৱাৰ বাবেই আজি খিলঞ্জীয়া লোকে নিজ ভূমিতে অসুৰক্ষিত অনুভৱ কৰিছে। চৰকাৰে সকলো পক্ষৰ লগত আলোচনা কৰি স্থায়ী সমাধান উলিয়াব লাগে।

সদৌ অসম ছাত্ৰ সন্থাই অসম চুক্তি ৰূপায়ণৰ দাবীত আগন্তুক দিনত ৰাজ্যজুৰি আন্দোলন আৰম্ভ কৰিব বুলি ঘোষণা কৰে। এই আন্দোলনত ৰাজ্যৰ সকলো জাতীয় সংগঠনক অংশগ্ৰহণৰ বাবে আহ্বান জনোৱা হয়।

তেওঁ লগতে কয় যে অসমৰ খিলঞ্জীয়া লোকৰ সাংবিধানিক সুৰক্ষাৰ বাবে কেন্দ্ৰ চৰকাৰে গঠন কৰা উচ্চ পৰ্যায়ৰ সমিতিৰ প্ৰতিবেদন অবিলম্বে ৰূপায়ণ কৰিব লাগে।

ফলিও। আজি এই ঘোষণা কৰে সদৌ অসম ছাত্ৰ সন্থাই। সংগঠনটোৰ মুখ্য উপদেষ্টা ড° সমুজ্জ্বল কুমাৰ ভট্টাচাৰ্যই আজি সংবাদমেলত এই মন্তব্য কৰে। তেওঁ কয় যে অসম চুক্তিৰ মূল ধাৰাসমূহ এতিয়াও ৰূপায়িত হোৱা নাই।

তেওঁ কয় যে খিলঞ্জীয়া লোকৰ ভূমি, ভাষা আৰু সংস্কৃতি সুৰক্ষাৰ বাবে অসম চুক্তিৰ ৬ নং দফা অবিলম্বে ৰূপায়ণ কৰিব লাগে। সীমান্ত সুৰক্ষা আৰু বিদেশী বহিষ্কাৰৰ প্ৰক্ৰিয়া সম্পূৰ্ণ কৰিব লাগে।

সংবাদমেলত ভট্টাচাৰ্যই কয় যে অসম চুক্তি ৰূপায়ণ নোহোৱাৰ বাবেই আজি খিলঞ্জীয়া লোকে নিজ ভূমিতে অসুৰক্ষিত অনুভৱ কৰিছে। চৰকাৰে সকলো পক্ষৰ লগত আলোচনা কৰি স্থায়ী সমাধান উলিয়াব লাগে।

ভট্টাচাৰ্যই কয় যে বিগত চল্লিশ বছৰে কেন্দ্ৰ আৰু ৰাজ্য চৰকাৰে অসম চুক্তি ৰূপায়ণৰ বাবে আন্তৰিকতা দেখুৱা নাই। ইয়াৰ ফলত ৰাজ্যত বাৰে বাৰে এনে পৰিস্থিতিৰ সৃষ্টি হৈছে।

সন্থাৰ সভাপতি আৰু সাধাৰণ সম্পাদকে কয় যে অসমৰ ৰাইজে এতিয়াও অসম চুক্তিৰ সম্পূৰ্ণ ৰূপায়ণৰ অপেক্ষাত আছে। চৰকাৰে এই বিষয়ে স্পষ্ট সময়সীমা ঘোষণা কৰিব লাগে বুলি তেওঁলোকে দাবী জনায়।
